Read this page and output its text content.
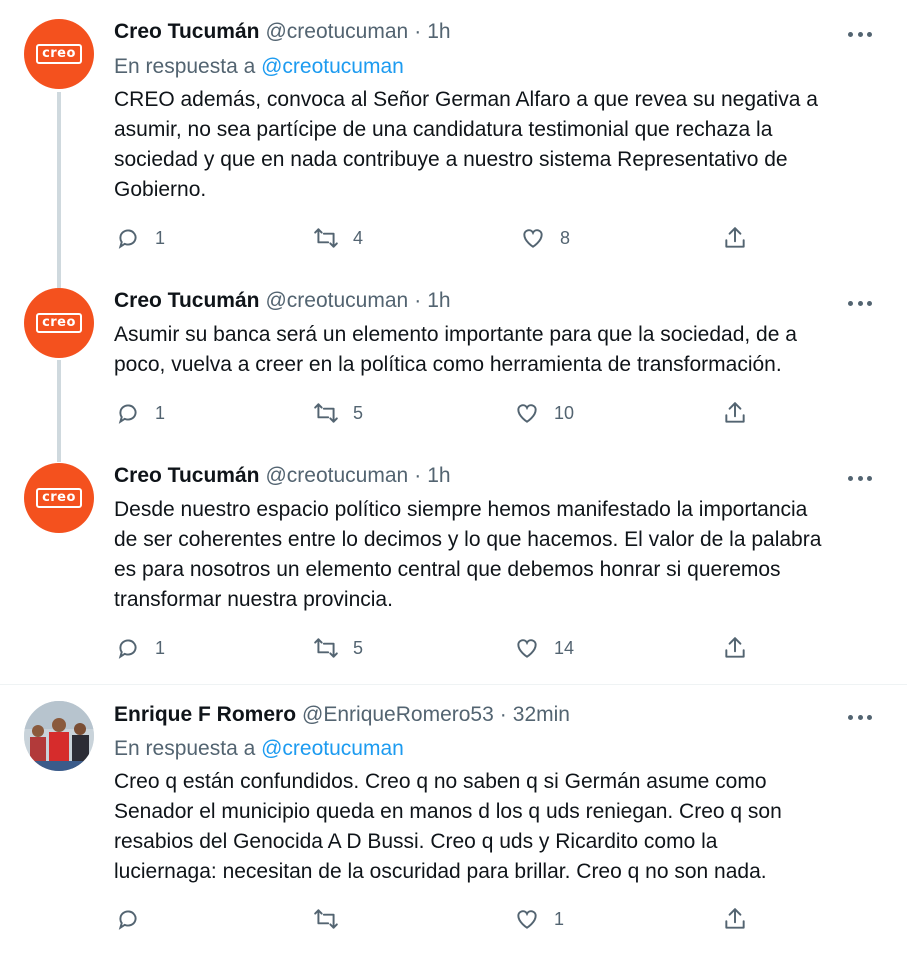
creo
Creo Tucumán @creotucuman · 1h
En respuesta a @creotucuman
CREO además, convoca al Señor German Alfaro a que revea su negativa a
asumir, no sea partícipe de una candidatura testimonial que rechaza la
sociedad y que en nada contribuye a nuestro sistema Representativo de
Gobierno.
1	4	8
creo
Creo Tucumán @creotucuman · 1h
Asumir su banca será un elemento importante para que la sociedad, de a
poco, vuelva a creer en la política como herramienta de transformación.
1	5	10
creo
Creo Tucumán @creotucuman · 1h
Desde nuestro espacio político siempre hemos manifestado la importancia
de ser coherentes entre lo decimos y lo que hacemos. El valor de la palabra
es para nosotros un elemento central que debemos honrar si queremos
transformar nuestra provincia.
1	5	14
Enrique F Romero @EnriqueRomero53 · 32min
En respuesta a @creotucuman
Creo q están confundidos. Creo q no saben q si Germán asume como
Senador el municipio queda en manos d los q uds reniegan. Creo q son
resabios del Genocida A D Bussi. Creo q uds y Ricardito como la
luciernaga: necesitan de la oscuridad para brillar. Creo q no son nada.
1
